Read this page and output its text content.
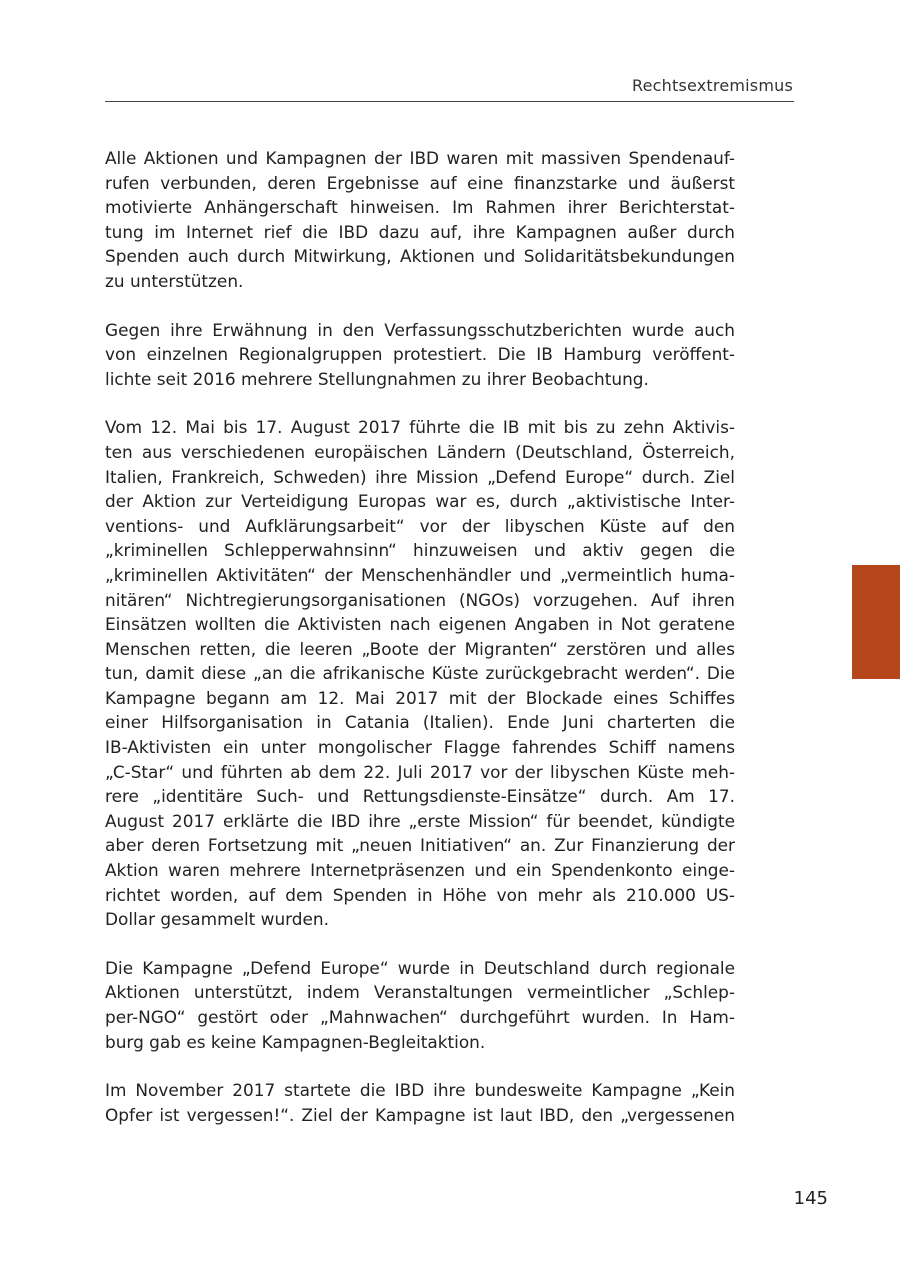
Rechtsextremismus

Alle Aktionen und Kampagnen der IBD waren mit massiven Spendenauf-
rufen verbunden, deren Ergebnisse auf eine finanzstarke und äußerst
motivierte Anhängerschaft hinweisen. Im Rahmen ihrer Berichterstat-
tung im Internet rief die IBD dazu auf, ihre Kampagnen außer durch
Spenden auch durch Mitwirkung, Aktionen und Solidaritätsbekundungen
zu unterstützen.

Gegen ihre Erwähnung in den Verfassungsschutzberichten wurde auch
von einzelnen Regionalgruppen protestiert. Die IB Hamburg veröffent-
lichte seit 2016 mehrere Stellungnahmen zu ihrer Beobachtung.

Vom 12. Mai bis 17. August 2017 führte die IB mit bis zu zehn Aktivis-
ten aus verschiedenen europäischen Ländern (Deutschland, Österreich,
Italien, Frankreich, Schweden) ihre Mission „Defend Europe“ durch. Ziel
der Aktion zur Verteidigung Europas war es, durch „aktivistische Inter-
ventions- und Aufklärungsarbeit“ vor der libyschen Küste auf den
„kriminellen Schlepperwahnsinn“ hinzuweisen und aktiv gegen die
„kriminellen Aktivitäten“ der Menschenhändler und „vermeintlich huma-
nitären“ Nichtregierungsorganisationen (NGOs) vorzugehen. Auf ihren
Einsätzen wollten die Aktivisten nach eigenen Angaben in Not geratene
Menschen retten, die leeren „Boote der Migranten“ zerstören und alles
tun, damit diese „an die afrikanische Küste zurückgebracht werden“. Die
Kampagne begann am 12. Mai 2017 mit der Blockade eines Schiffes
einer Hilfsorganisation in Catania (Italien). Ende Juni charterten die
IB-Aktivisten ein unter mongolischer Flagge fahrendes Schiff namens
„C-Star“ und führten ab dem 22. Juli 2017 vor der libyschen Küste meh-
rere „identitäre Such- und Rettungsdienste-Einsätze“ durch. Am 17.
August 2017 erklärte die IBD ihre „erste Mission“ für beendet, kündigte
aber deren Fortsetzung mit „neuen Initiativen“ an. Zur Finanzierung der
Aktion waren mehrere Internetpräsenzen und ein Spendenkonto einge-
richtet worden, auf dem Spenden in Höhe von mehr als 210.000 US-
Dollar gesammelt wurden.

Die Kampagne „Defend Europe“ wurde in Deutschland durch regionale
Aktionen unterstützt, indem Veranstaltungen vermeintlicher „Schlep-
per-NGO“ gestört oder „Mahnwachen“ durchgeführt wurden. In Ham-
burg gab es keine Kampagnen-Begleitaktion.

Im November 2017 startete die IBD ihre bundesweite Kampagne „Kein
Opfer ist vergessen!“. Ziel der Kampagne ist laut IBD, den „vergessenen

145
